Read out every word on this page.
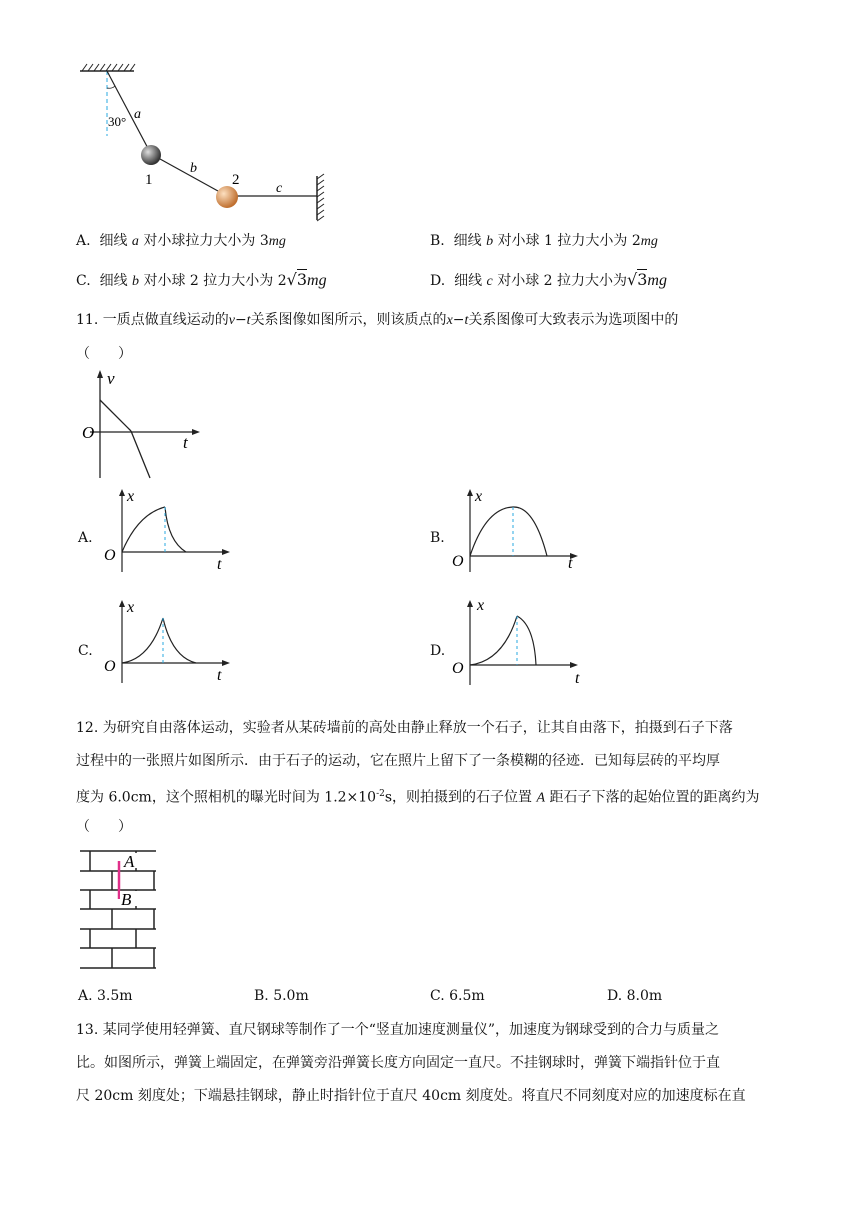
30° a
b
c
1	2
A. 细线 a 对小球拉力大小为 3mg	B. 细线 b 对小球 1 拉力大小为 2mg
C. 细线 b 对小球 2 拉力大小为 2√3mg	D. 细线 c 对小球 2 拉力大小为√3mg
11. 一质点做直线运动的v−t关系图像如图所示，则该质点的x−t关系图像可大致表示为选项图中的
（　　）
v
t
O
A.
x
t
O
B.
x
t
O
C.
x
t
O
D.
x
t
O
12. 为研究自由落体运动，实验者从某砖墙前的高处由静止释放一个石子，让其自由落下，拍摄到石子下落
过程中的一张照片如图所示．由于石子的运动，它在照片上留下了一条模糊的径迹．已知每层砖的平均厚
度为 6.0cm，这个照相机的曝光时间为 $1.2\times 10^{-2}s$，则拍摄到的石子位置 A 距石子下落的起始位置的距离约为
（　　）
A
B
A. 3.5m	B. 5.0m	C. 6.5m	D. 8.0m
13. 某同学使用轻弹簧、直尺钢球等制作了一个“竖直加速度测量仪”，加速度为钢球受到的合力与质量之
比。如图所示，弹簧上端固定，在弹簧旁沿弹簧长度方向固定一直尺。不挂钢球时，弹簧下端指针位于直
尺 20cm 刻度处；下端悬挂钢球，静止时指针位于直尺 40cm 刻度处。将直尺不同刻度对应的加速度标在直
